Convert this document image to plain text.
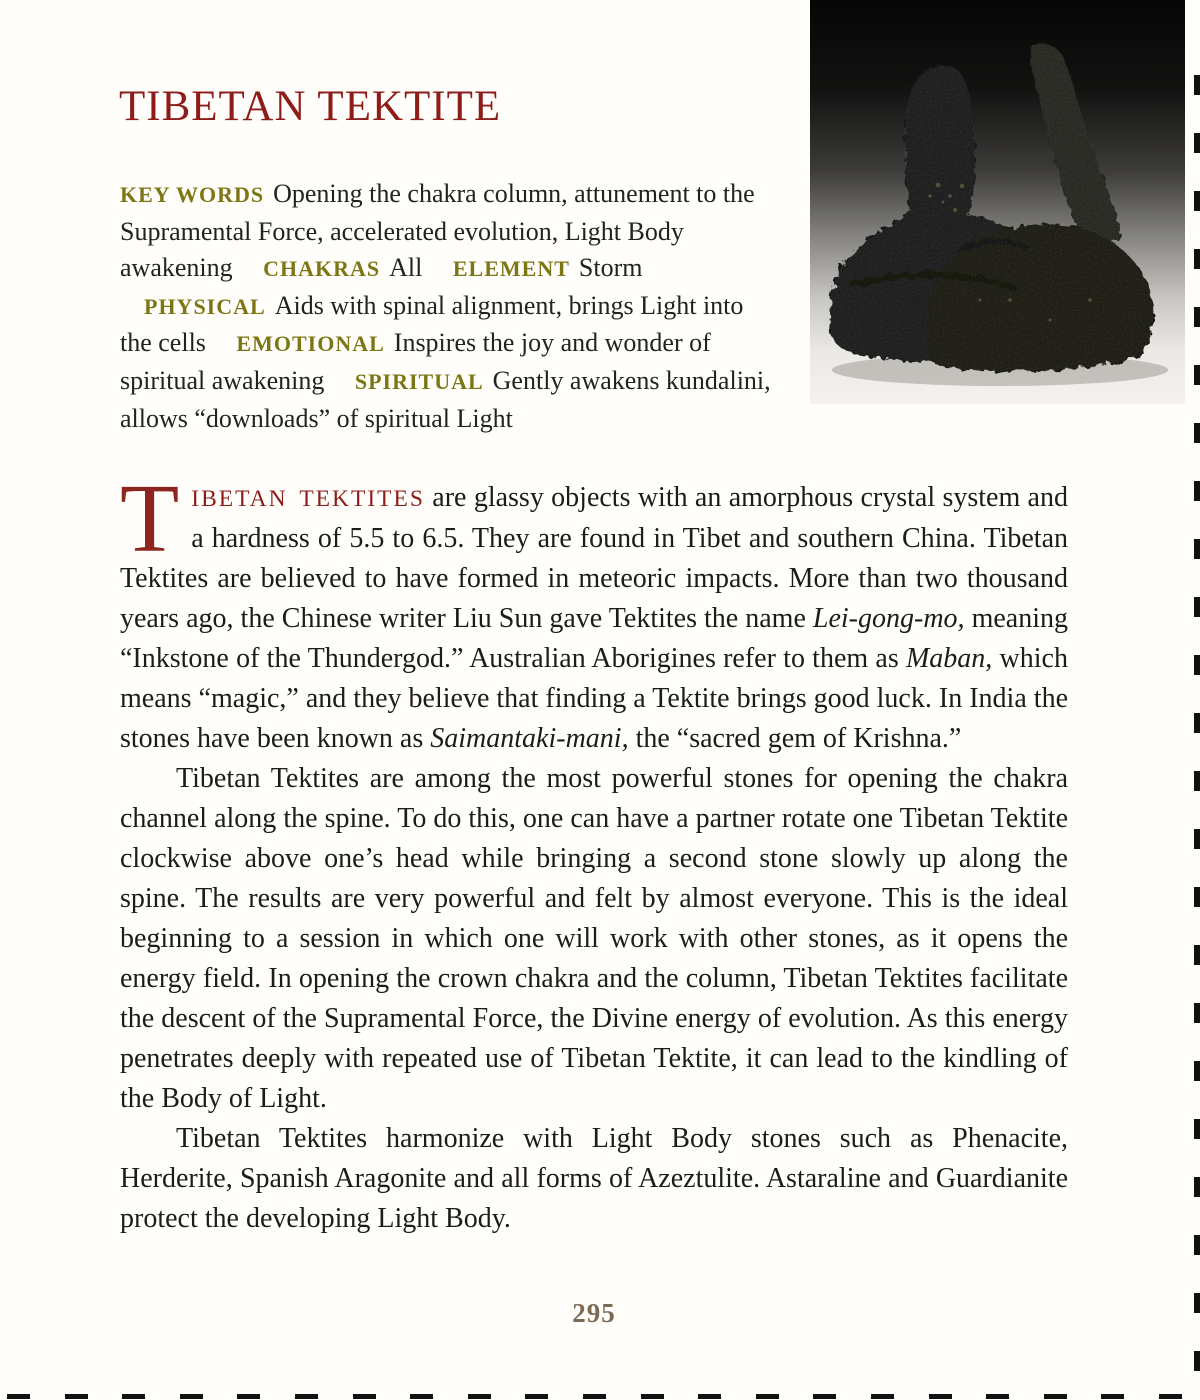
TIBETAN TEKTITE
KEY WORDS Opening the chakra column, attunement to the Supramental Force, accelerated evolution, Light Body awakening CHAKRAS All ELEMENT Storm PHYSICAL Aids with spinal alignment, brings Light into the cells EMOTIONAL Inspires the joy and wonder of spiritual awakening SPIRITUAL Gently awakens kundalini, allows “downloads” of spiritual Light

TIBETAN TEKTITES are glassy objects with an amorphous crystal system and a hardness of 5.5 to 6.5. They are found in Tibet and southern China. Tibetan Tektites are believed to have formed in meteoric impacts. More than two thousand years ago, the Chinese writer Liu Sun gave Tektites the name Lei-gong-mo, meaning “Inkstone of the Thundergod.” Australian Aborigines refer to them as Maban, which means “magic,” and they believe that finding a Tektite brings good luck. In India the stones have been known as Saimantaki-mani, the “sacred gem of Krishna.”

Tibetan Tektites are among the most powerful stones for opening the chakra channel along the spine. To do this, one can have a partner rotate one Tibetan Tektite clockwise above one’s head while bringing a second stone slowly up along the spine. The results are very powerful and felt by almost everyone. This is the ideal beginning to a session in which one will work with other stones, as it opens the energy field. In opening the crown chakra and the column, Tibetan Tektites facilitate the descent of the Supramental Force, the Divine energy of evolution. As this energy penetrates deeply with repeated use of Tibetan Tektite, it can lead to the kindling of the Body of Light.

Tibetan Tektites harmonize with Light Body stones such as Phenacite, Herderite, Spanish Aragonite and all forms of Azeztulite. Astaraline and Guardianite protect the developing Light Body.

295
